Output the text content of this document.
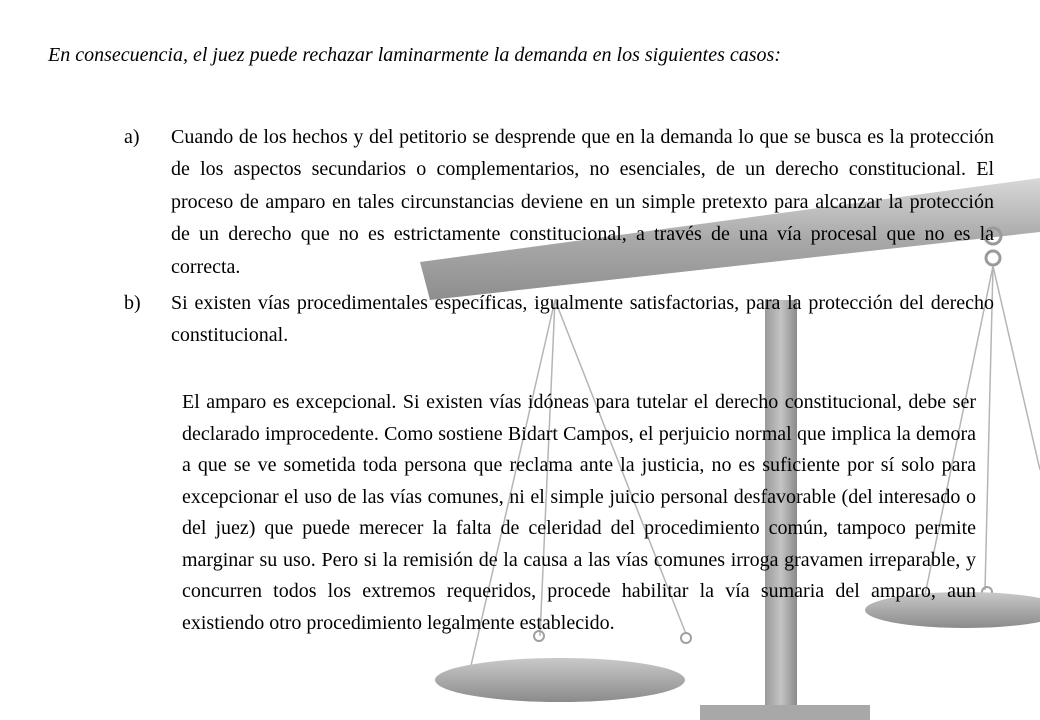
En consecuencia, el juez puede rechazar laminarmente la demanda en los siguientes casos:

a)	Cuando de los hechos y del petitorio se desprende que en la demanda lo que se busca es la protección de los aspectos secundarios o complementarios, no esenciales, de un derecho constitucional. El proceso de amparo en tales circunstancias deviene en un simple pretexto para alcanzar la protección de un derecho que no es estrictamente constitucional, a través de una vía procesal que no es la correcta.
b)	Si existen vías procedimentales específicas, igualmente satisfactorias, para la protección del derecho constitucional.

El amparo es excepcional. Si existen vías idóneas para tutelar el derecho constitucional, debe ser declarado improcedente. Como sostiene Bidart Campos, el perjuicio normal que implica la demora a que se ve sometida toda persona que reclama ante la justicia, no es suficiente por sí solo para excepcionar el uso de las vías comunes, ni el simple juicio personal desfavorable (del interesado o del juez) que puede merecer la falta de celeridad del procedimiento común, tampoco permite marginar su uso. Pero si la remisión de la causa a las vías comunes irroga gravamen irreparable, y concurren todos los extremos requeridos, procede habilitar la vía sumaria del amparo, aun existiendo otro procedimiento legalmente establecido.
